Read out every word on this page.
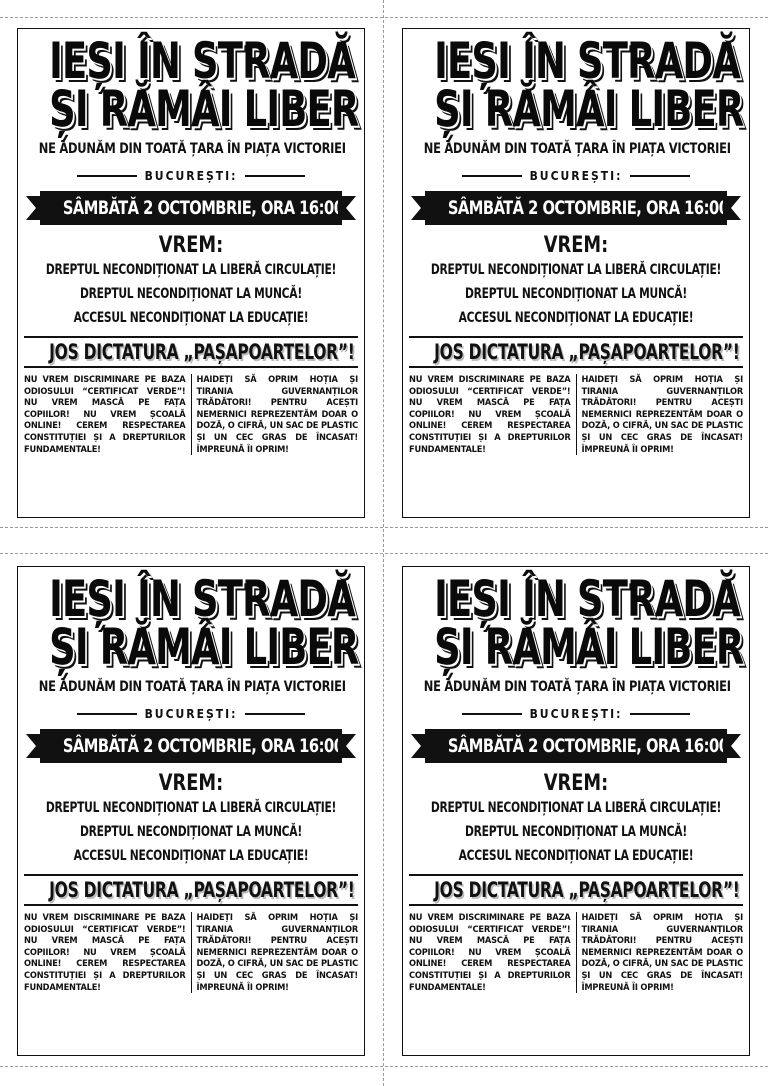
IEȘI ÎN STRADĂ
ȘI RĂMÂI LIBER
NE ADUNĂM DIN TOATĂ ȚARA ÎN PIAȚA VICTORIEI
BUCUREȘTI:
SÂMBĂTĂ 2 OCTOMBRIE, ORA 16:00
VREM:
DREPTUL NECONDIȚIONAT LA LIBERĂ CIRCULAȚIE!
DREPTUL NECONDIȚIONAT LA MUNCĂ!
ACCESUL NECONDIȚIONAT LA EDUCAȚIE!
JOS DICTATURA „PAȘAPOARTELOR”!

NU VREM DISCRIMINARE PE BAZA ODIOSULUI “CERTIFICAT VERDE”! NU VREM MASCĂ PE FAȚA COPIILOR! NU VREM ȘCOALĂ ONLINE! CEREM RESPECTAREA CONSTITUȚIEI ȘI A DREPTURILOR FUNDAMENTALE!

HAIDEȚI SĂ OPRIM HOȚIA ȘI TIRANIA GUVERNANȚILOR TRĂDĂTORI! PENTRU ACEȘTI NEMERNICI REPREZENTĂM DOAR O DOZĂ, O CIFRĂ, UN SAC DE PLASTIC ȘI UN CEC GRAS DE ÎNCASAT! ÎMPREUNĂ ÎI OPRIM!

IEȘI ÎN STRADĂ
ȘI RĂMÂI LIBER
NE ADUNĂM DIN TOATĂ ȚARA ÎN PIAȚA VICTORIEI
BUCUREȘTI:
SÂMBĂTĂ 2 OCTOMBRIE, ORA 16:00
VREM:
DREPTUL NECONDIȚIONAT LA LIBERĂ CIRCULAȚIE!
DREPTUL NECONDIȚIONAT LA MUNCĂ!
ACCESUL NECONDIȚIONAT LA EDUCAȚIE!
JOS DICTATURA „PAȘAPOARTELOR”!

NU VREM DISCRIMINARE PE BAZA ODIOSULUI “CERTIFICAT VERDE”! NU VREM MASCĂ PE FAȚA COPIILOR! NU VREM ȘCOALĂ ONLINE! CEREM RESPECTAREA CONSTITUȚIEI ȘI A DREPTURILOR FUNDAMENTALE!

HAIDEȚI SĂ OPRIM HOȚIA ȘI TIRANIA GUVERNANȚILOR TRĂDĂTORI! PENTRU ACEȘTI NEMERNICI REPREZENTĂM DOAR O DOZĂ, O CIFRĂ, UN SAC DE PLASTIC ȘI UN CEC GRAS DE ÎNCASAT! ÎMPREUNĂ ÎI OPRIM!

IEȘI ÎN STRADĂ
ȘI RĂMÂI LIBER
NE ADUNĂM DIN TOATĂ ȚARA ÎN PIAȚA VICTORIEI
BUCUREȘTI:
SÂMBĂTĂ 2 OCTOMBRIE, ORA 16:00
VREM:
DREPTUL NECONDIȚIONAT LA LIBERĂ CIRCULAȚIE!
DREPTUL NECONDIȚIONAT LA MUNCĂ!
ACCESUL NECONDIȚIONAT LA EDUCAȚIE!
JOS DICTATURA „PAȘAPOARTELOR”!

NU VREM DISCRIMINARE PE BAZA ODIOSULUI “CERTIFICAT VERDE”! NU VREM MASCĂ PE FAȚA COPIILOR! NU VREM ȘCOALĂ ONLINE! CEREM RESPECTAREA CONSTITUȚIEI ȘI A DREPTURILOR FUNDAMENTALE!

HAIDEȚI SĂ OPRIM HOȚIA ȘI TIRANIA GUVERNANȚILOR TRĂDĂTORI! PENTRU ACEȘTI NEMERNICI REPREZENTĂM DOAR O DOZĂ, O CIFRĂ, UN SAC DE PLASTIC ȘI UN CEC GRAS DE ÎNCASAT! ÎMPREUNĂ ÎI OPRIM!

IEȘI ÎN STRADĂ
ȘI RĂMÂI LIBER
NE ADUNĂM DIN TOATĂ ȚARA ÎN PIAȚA VICTORIEI
BUCUREȘTI:
SÂMBĂTĂ 2 OCTOMBRIE, ORA 16:00
VREM:
DREPTUL NECONDIȚIONAT LA LIBERĂ CIRCULAȚIE!
DREPTUL NECONDIȚIONAT LA MUNCĂ!
ACCESUL NECONDIȚIONAT LA EDUCAȚIE!
JOS DICTATURA „PAȘAPOARTELOR”!

NU VREM DISCRIMINARE PE BAZA ODIOSULUI “CERTIFICAT VERDE”! NU VREM MASCĂ PE FAȚA COPIILOR! NU VREM ȘCOALĂ ONLINE! CEREM RESPECTAREA CONSTITUȚIEI ȘI A DREPTURILOR FUNDAMENTALE!

HAIDEȚI SĂ OPRIM HOȚIA ȘI TIRANIA GUVERNANȚILOR TRĂDĂTORI! PENTRU ACEȘTI NEMERNICI REPREZENTĂM DOAR O DOZĂ, O CIFRĂ, UN SAC DE PLASTIC ȘI UN CEC GRAS DE ÎNCASAT! ÎMPREUNĂ ÎI OPRIM!
